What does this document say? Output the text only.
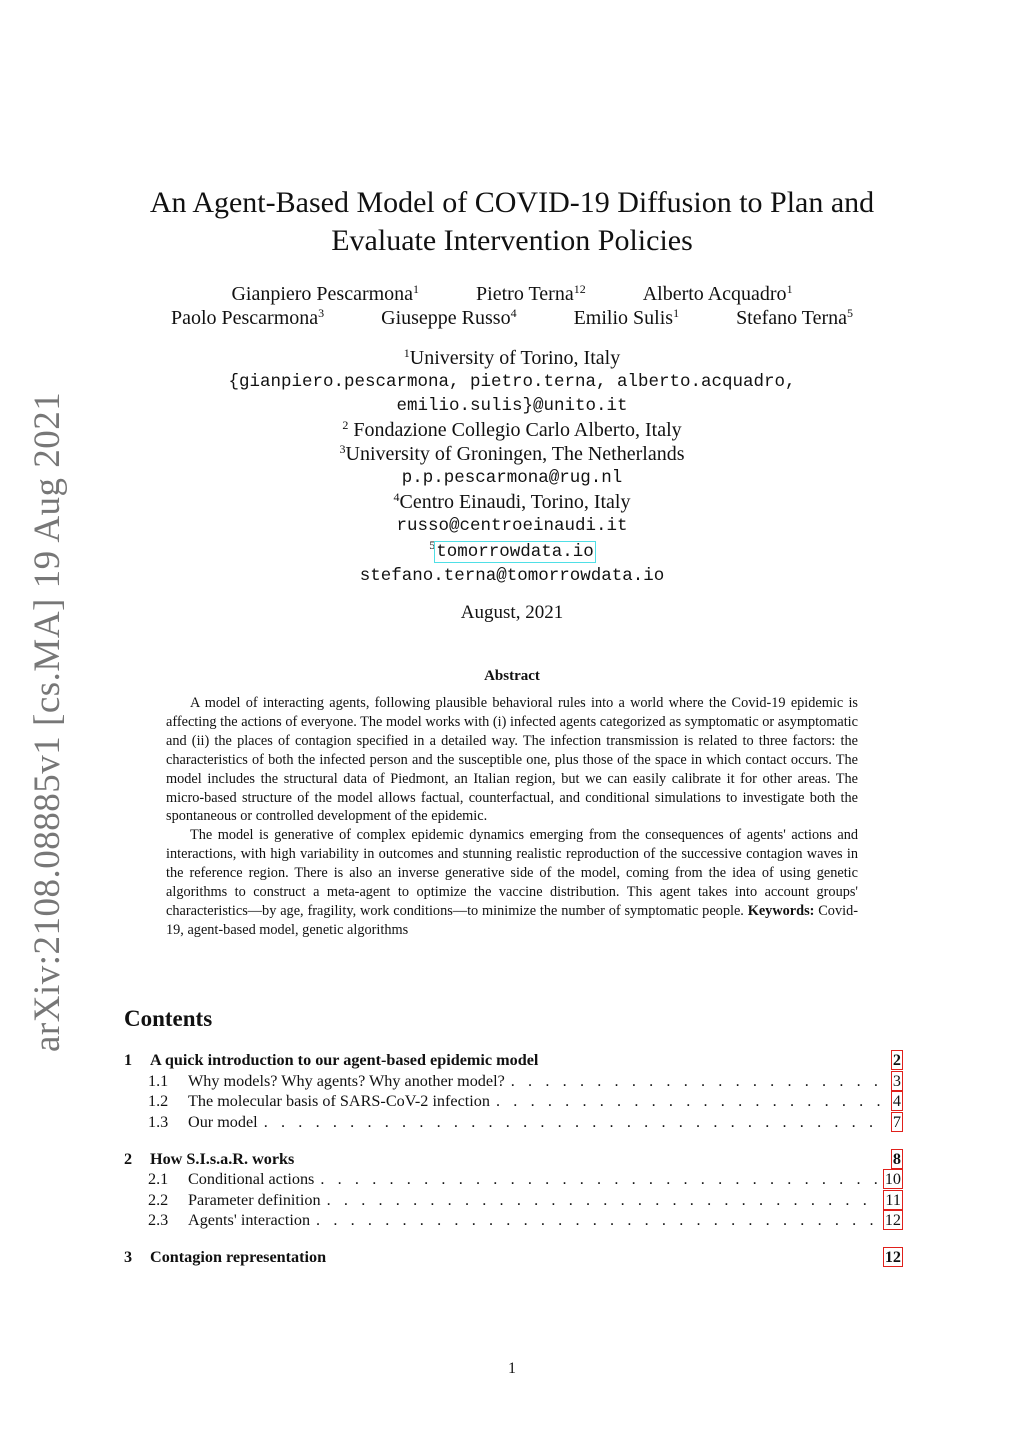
arXiv:2108.08885v1 [cs.MA] 19 Aug 2021
An Agent-Based Model of COVID-19 Diffusion to Plan and
Evaluate Intervention Policies
Gianpiero Pescarmona$^1$	Pietro Terna$^{12}$	Alberto Acquadro$^1$
Paolo Pescarmona$^3$	Giuseppe Russo$^4$	Emilio Sulis$^1$	Stefano Terna$^5$
$^1$University of Torino, Italy
{gianpiero.pescarmona, pietro.terna, alberto.acquadro,
emilio.sulis}@unito.it
$^2$ Fondazione Collegio Carlo Alberto, Italy
$^3$University of Groningen, The Netherlands
p.p.pescarmona@rug.nl
$^4$Centro Einaudi, Torino, Italy
russo@centroeinaudi.it
$^5$tomorrowdata.io
stefano.terna@tomorrowdata.io
August, 2021
Abstract

A model of interacting agents, following plausible behavioral rules into a world where the Covid-19 epidemic is affecting the actions of everyone. The model works with (i) infected agents categorized as symptomatic or asymptomatic and (ii) the places of contagion specified in a detailed way. The infection transmission is related to three factors: the characteristics of both the infected person and the susceptible one, plus those of the space in which contact occurs. The model includes the structural data of Piedmont, an Italian region, but we can easily calibrate it for other areas. The micro-based structure of the model allows factual, counterfactual, and conditional simulations to investigate both the spontaneous or controlled development of the epidemic.

The model is generative of complex epidemic dynamics emerging from the consequences of agents' actions and interactions, with high variability in outcomes and stunning realistic reproduction of the successive contagion waves in the reference region. There is also an inverse generative side of the model, coming from the idea of using genetic algorithms to construct a meta-agent to optimize the vaccine distribution. This agent takes into account groups' characteristics—by age, fragility, work conditions—to minimize the number of symptomatic people. Keywords: Covid-19, agent-based model, genetic algorithms

Contents
1	A quick introduction to our agent-based epidemic model	2
1.1	Why models? Why agents? Why another model? . . .	3
1.2	The molecular basis of SARS-CoV-2 infection . . .	4
1.3	Our model . . .	7
2	How S.I.s.a.R. works	8
2.1	Conditional actions . . .	10
2.2	Parameter definition . . .	11
2.3	Agents' interaction . . .	12
3	Contagion representation	12
1
